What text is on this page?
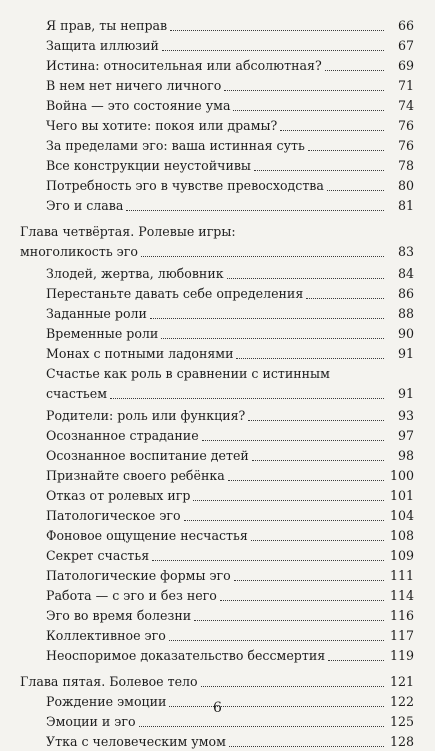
Я прав, ты неправ	66
Защита иллюзий	67
Истина: относительная или абсолютная?	69
В нем нет ничего личного	71
Война — это состояние ума	74
Чего вы хотите: покоя или драмы?	76
За пределами эго: ваша истинная суть	76
Все конструкции неустойчивы	78
Потребность эго в чувстве превосходства	80
Эго и слава	81
Глава четвёртая. Ролевые игры:
многоликость эго	83
Злодей, жертва, любовник	84
Перестаньте давать себе определения	86
Заданные роли	88
Временные роли	90
Монах с потными ладонями	91
Счастье как роль в сравнении с истинным
счастьем	91
Родители: роль или функция?	93
Осознанное страдание	97
Осознанное воспитание детей	98
Признайте своего ребёнка	100
Отказ от ролевых игр	101
Патологическое эго	104
Фоновое ощущение несчастья	108
Секрет счастья	109
Патологические формы эго	111
Работа — с эго и без него	114
Эго во время болезни	116
Коллективное эго	117
Неоспоримое доказательство бессмертия	119
Глава пятая. Болевое тело	121
Рождение эмоции	122
Эмоции и эго	125
Утка с человеческим умом	128
6
